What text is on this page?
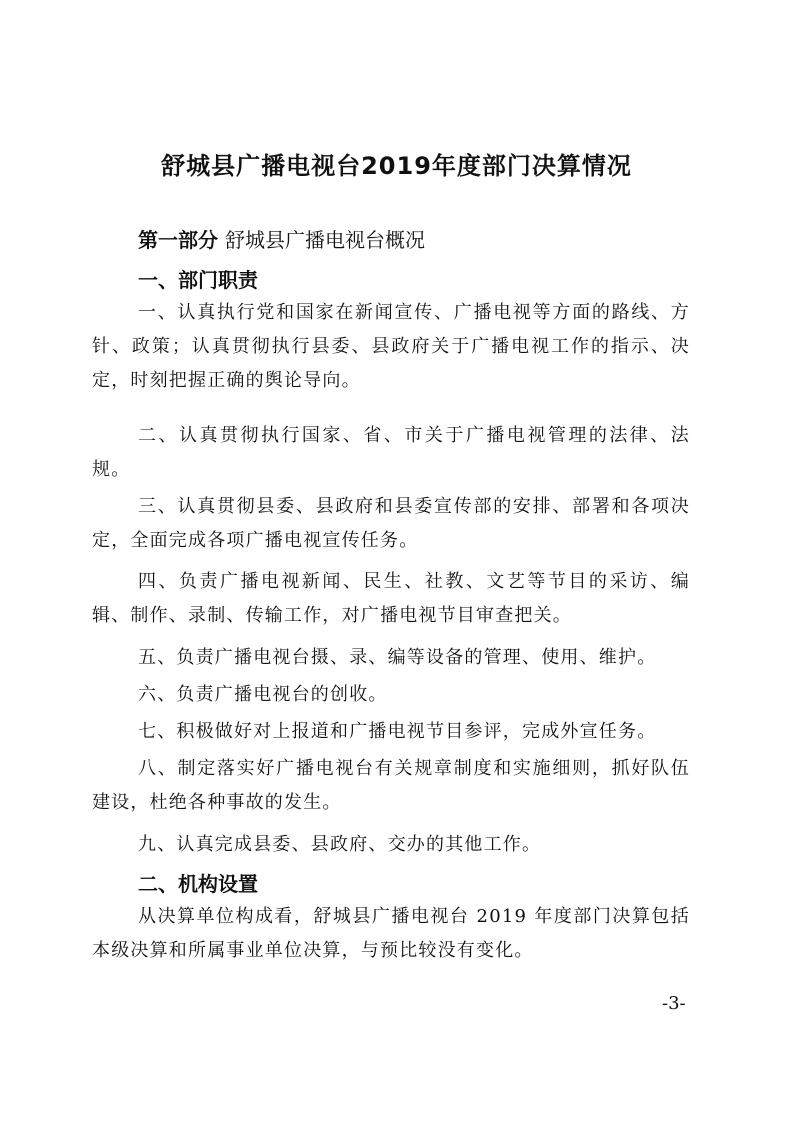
舒城县广播电视台2019年度部门决算情况
第一部分 舒城县广播电视台概况
一、部门职责

一、认真执行党和国家在新闻宣传、广播电视等方面的路线、方针、政策；认真贯彻执行县委、县政府关于广播电视工作的指示、决定，时刻把握正确的舆论导向。

二、认真贯彻执行国家、省、市关于广播电视管理的法律、法规。

三、认真贯彻县委、县政府和县委宣传部的安排、部署和各项决定，全面完成各项广播电视宣传任务。

四、负责广播电视新闻、民生、社教、文艺等节目的采访、编辑、制作、录制、传输工作，对广播电视节目审查把关。

五、负责广播电视台摄、录、编等设备的管理、使用、维护。

六、负责广播电视台的创收。

七、积极做好对上报道和广播电视节目参评，完成外宣任务。

八、制定落实好广播电视台有关规章制度和实施细则，抓好队伍建设，杜绝各种事故的发生。

九、认真完成县委、县政府、交办的其他工作。

二、机构设置

从决算单位构成看，舒城县广播电视台 2019 年度部门决算包括本级决算和所属事业单位决算，与预比较没有变化。

-3-
